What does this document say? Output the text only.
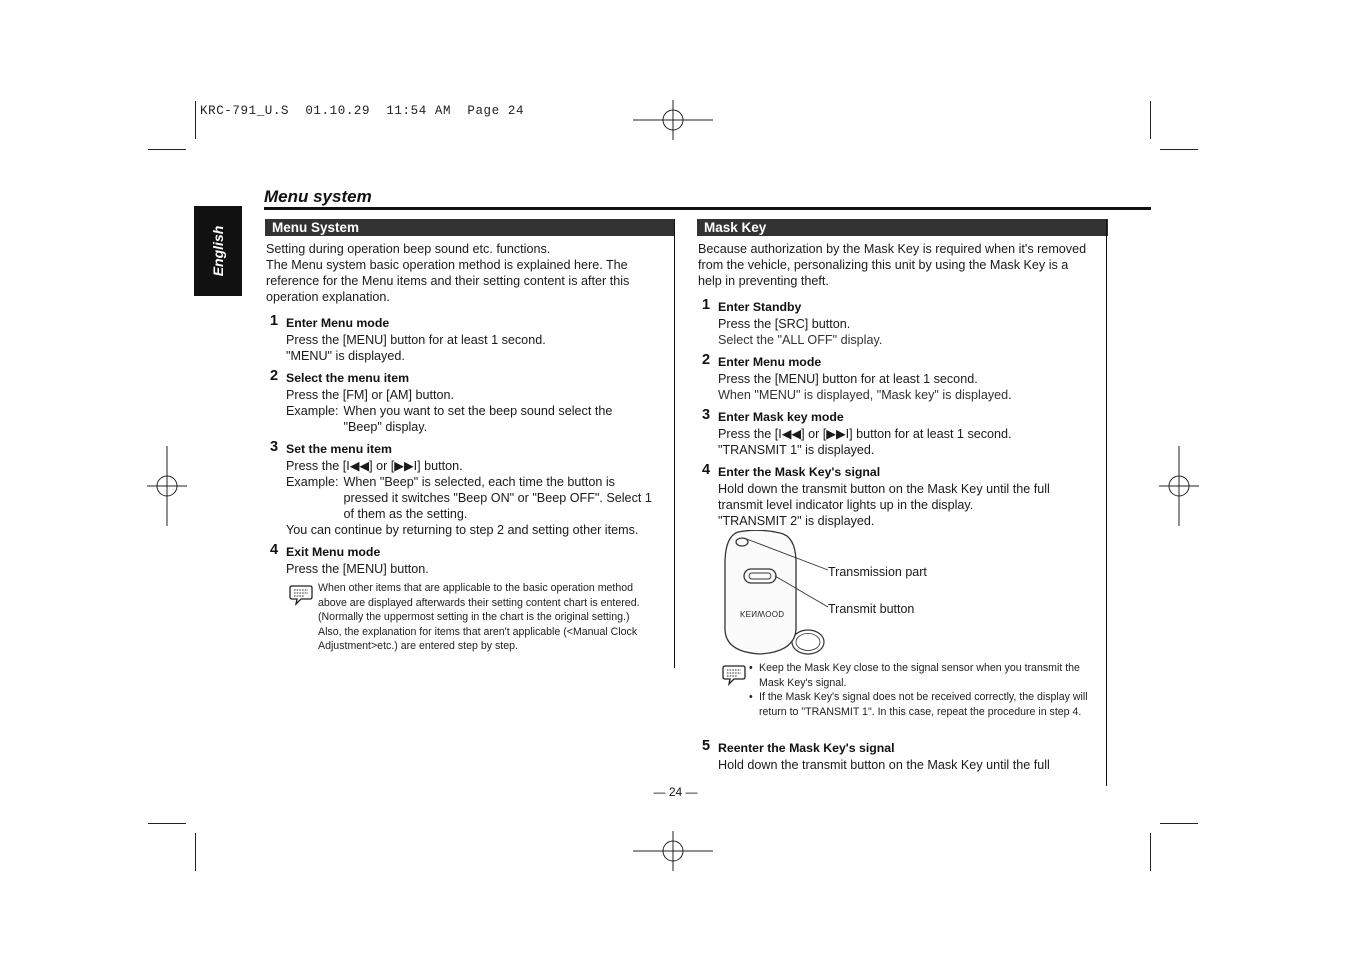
KRC-791_U.S  01.10.29  11:54 AM  Page 24
Menu system
English	Menu System

Setting during operation beep sound etc. functions.

The Menu system basic operation method is explained here. The reference for the Menu items and their setting content is after this operation explanation.

1 Enter Menu mode

Press the [MENU] button for at least 1 second.

"MENU" is displayed.

2 Select the menu item

Press the [FM] or [AM] button.

Example: When you want to set the beep sound select the "Beep" display.
3 Set the menu item

Press the [I◀◀] or [▶▶I] button.

Example: When "Beep" is selected, each time the button is pressed it switches "Beep ON" or "Beep OFF". Select 1 of them as the setting.

You can continue by returning to step 2 and setting other items.

4 Exit Menu mode

Press the [MENU] button.

When other items that are applicable to the basic operation method above are displayed afterwards their setting content chart is entered. (Normally the uppermost setting in the chart is the original setting.)

Also, the explanation for items that aren't applicable (<Manual Clock Adjustment>etc.) are entered step by step.

Mask Key

Because authorization by the Mask Key is required when it's removed from the vehicle, personalizing this unit by using the Mask Key is a help in preventing theft.

1 Enter Standby

Press the [SRC] button.

Select the "ALL OFF" display.

2 Enter Menu mode

Press the [MENU] button for at least 1 second.

When "MENU" is displayed, "Mask key" is displayed.

3 Enter Mask key mode

Press the [I◀◀] or [▶▶I] button for at least 1 second.

"TRANSMIT 1" is displayed.

4 Enter the Mask Key's signal

Hold down the transmit button on the Mask Key until the full

transmit level indicator lights up in the display.

"TRANSMIT 2" is displayed.

KENWOOD
Transmission part
Transmit button
• Keep the Mask Key close to the signal sensor when you transmit the Mask Key's signal.
• If the Mask Key's signal does not be received correctly, the display will return to "TRANSMIT 1". In this case, repeat the procedure in step 4.
5 Reenter the Mask Key's signal

Hold down the transmit button on the Mask Key until the full

— 24 —
